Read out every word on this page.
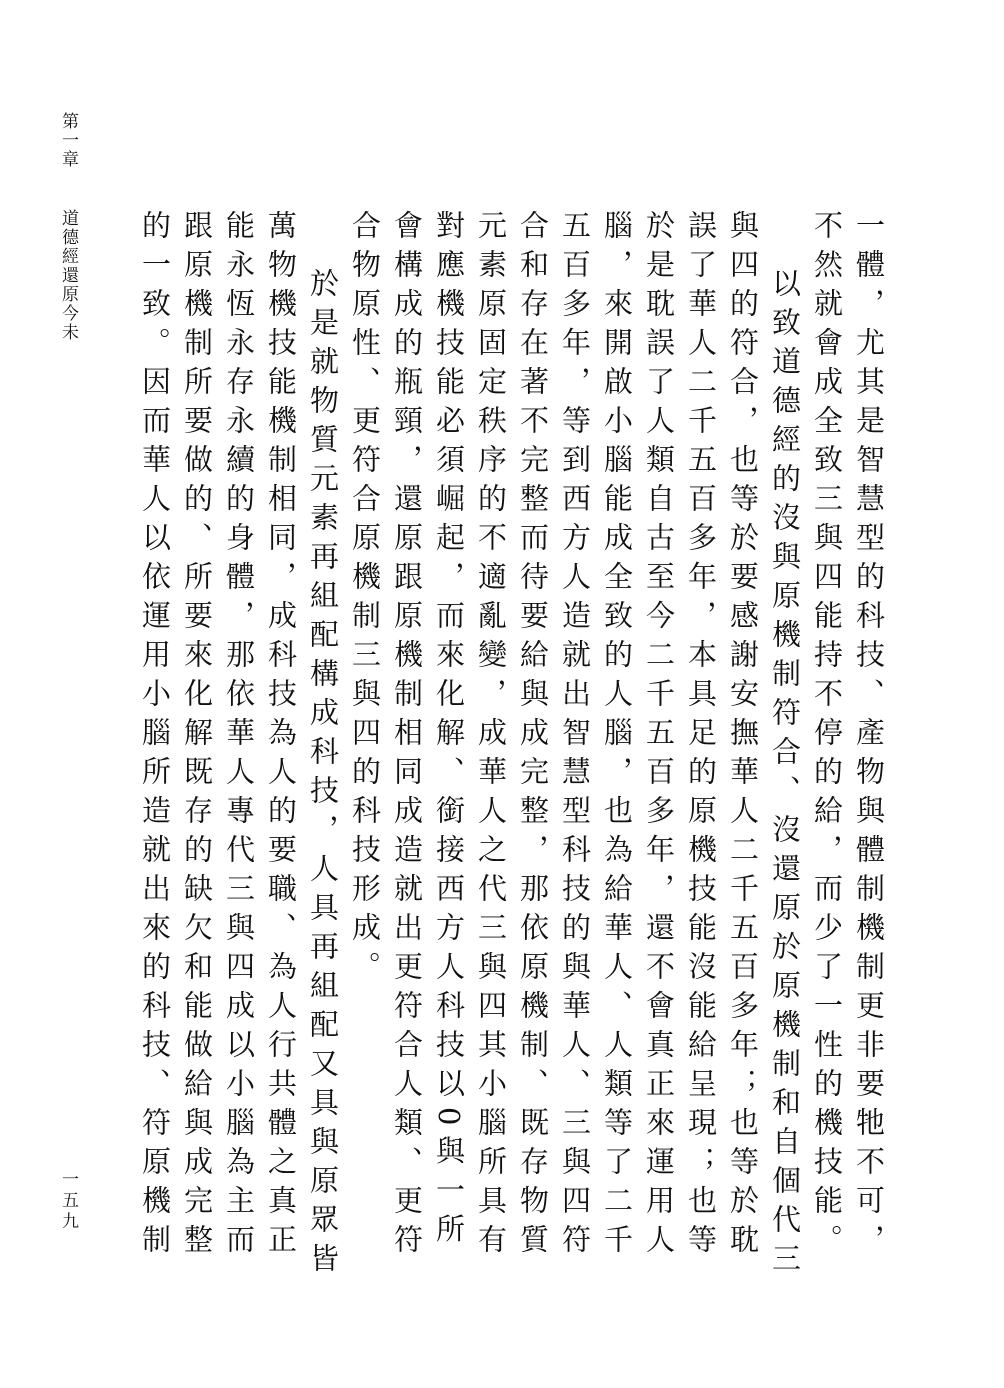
第一章道德經還原今未
一五九	一體，尤其是智慧型的科技、產物與體制機制更非要牠不可，不然就會成全致三與四能持不停的給，而少了一性的機技能。

以致道德經的沒與原機制符合、沒還原於原機制和自個代三與四的符合，也等於要感謝安撫華人二千五百多年；也等於耽誤了華人二千五百多年，本具足的原機技能沒能給呈現；也等於是耽誤了人類自古至今二千五百多年，還不會真正來運用人腦，來開啟小腦能成全致的人腦，也為給華人、人類等了二千五百多年，等到西方人造就出智慧型科技的與華人、三與四符合和存在著不完整而待要給與成完整，那依原機制、既存物質元素原固定秩序的不適亂變，成華人之代三與四其小腦所具有對應機技能必須崛起，而來化解、銜接西方人科技以0與一所會構成的瓶頸，還原跟原機制相同成造就出更符合人類、更符合物原性、更符合原機制三與四的科技形成。

於是就物質元素再組配構成科技，人具再組配又具與原眾皆萬物機技能機制相同，成科技為人的要職、為人行共體之真正能永恆永存永續的身體，那依華人專代三與四成以小腦為主而跟原機制所要做的、所要來化解既存的缺欠和能做給與成完整的一致。因而華人以依運用小腦所造就出來的科技、符原機制
